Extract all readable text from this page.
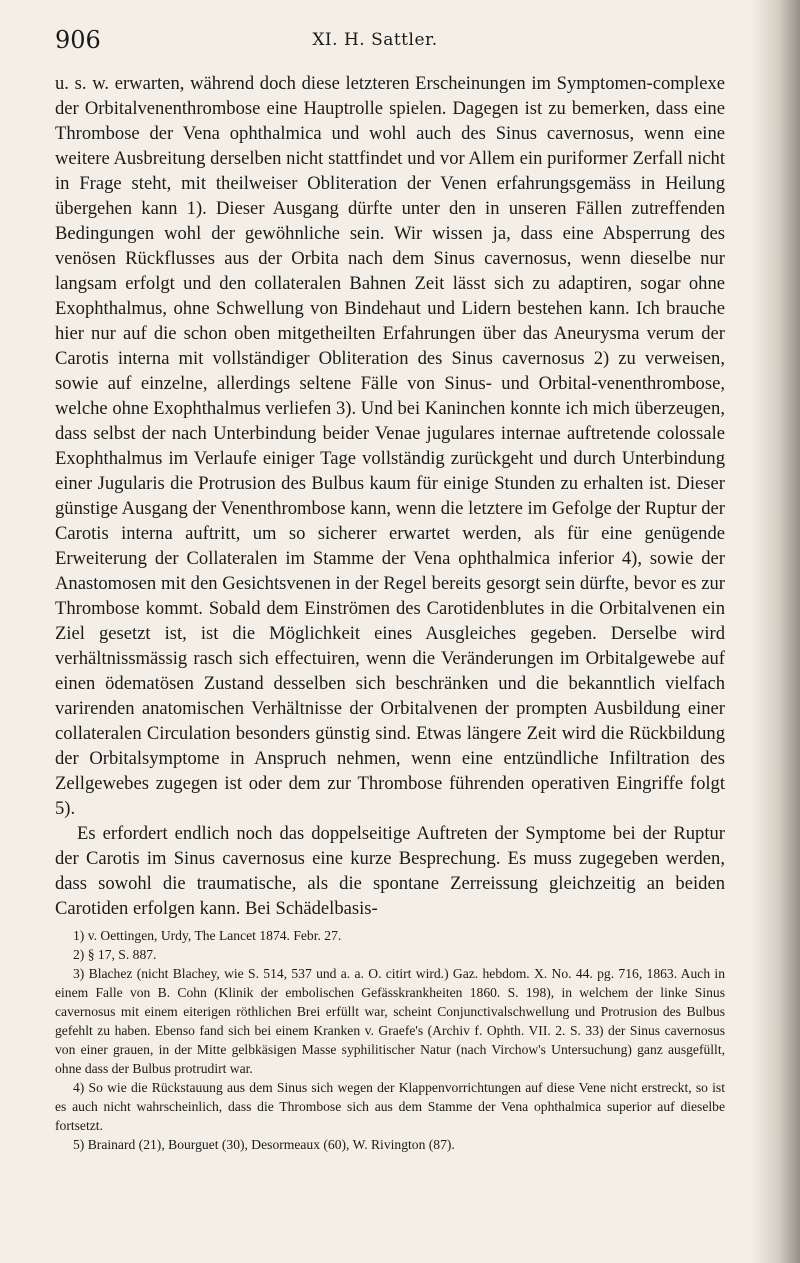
906	XI. H. Sattler.

u. s. w. erwarten, während doch diese letzteren Erscheinungen im Symptomen-complexe der Orbitalvenenthrombose eine Hauptrolle spielen. Dagegen ist zu bemerken, dass eine Thrombose der Vena ophthalmica und wohl auch des Sinus cavernosus, wenn eine weitere Ausbreitung derselben nicht stattfindet und vor Allem ein puriformer Zerfall nicht in Frage steht, mit theilweiser Obliteration der Venen erfahrungsgemäss in Heilung übergehen kann 1). Dieser Ausgang dürfte unter den in unseren Fällen zutreffenden Bedingungen wohl der gewöhnliche sein. Wir wissen ja, dass eine Absperrung des venösen Rückflusses aus der Orbita nach dem Sinus cavernosus, wenn dieselbe nur langsam erfolgt und den collateralen Bahnen Zeit lässt sich zu adaptiren, sogar ohne Exophthalmus, ohne Schwellung von Bindehaut und Lidern bestehen kann. Ich brauche hier nur auf die schon oben mitgetheilten Erfahrungen über das Aneurysma verum der Carotis interna mit vollständiger Obliteration des Sinus cavernosus 2) zu verweisen, sowie auf einzelne, allerdings seltene Fälle von Sinus- und Orbital-venenthrombose, welche ohne Exophthalmus verliefen 3). Und bei Kaninchen konnte ich mich überzeugen, dass selbst der nach Unterbindung beider Venae jugulares internae auftretende colossale Exophthalmus im Verlaufe einiger Tage vollständig zurückgeht und durch Unterbindung einer Jugularis die Protrusion des Bulbus kaum für einige Stunden zu erhalten ist. Dieser günstige Ausgang der Venenthrombose kann, wenn die letztere im Gefolge der Ruptur der Carotis interna auftritt, um so sicherer erwartet werden, als für eine genügende Erweiterung der Collateralen im Stamme der Vena ophthalmica inferior 4), sowie der Anastomosen mit den Gesichtsvenen in der Regel bereits gesorgt sein dürfte, bevor es zur Thrombose kommt. Sobald dem Einströmen des Carotidenblutes in die Orbitalvenen ein Ziel gesetzt ist, ist die Möglichkeit eines Ausgleiches gegeben. Derselbe wird verhältnissmässig rasch sich effectuiren, wenn die Veränderungen im Orbitalgewebe auf einen ödematösen Zustand desselben sich beschränken und die bekanntlich vielfach varirenden anatomischen Verhältnisse der Orbitalvenen der prompten Ausbildung einer collateralen Circulation besonders günstig sind. Etwas längere Zeit wird die Rückbildung der Orbitalsymptome in Anspruch nehmen, wenn eine entzündliche Infiltration des Zellgewebes zugegen ist oder dem zur Thrombose führenden operativen Eingriffe folgt 5).

Es erfordert endlich noch das doppelseitige Auftreten der Symptome bei der Ruptur der Carotis im Sinus cavernosus eine kurze Besprechung. Es muss zugegeben werden, dass sowohl die traumatische, als die spontane Zerreissung gleichzeitig an beiden Carotiden erfolgen kann. Bei Schädelbasis-

1) v. Oettingen, Urdy, The Lancet 1874. Febr. 27.

2) § 17, S. 887.

3) Blachez (nicht Blachey, wie S. 514, 537 und a. a. O. citirt wird.) Gaz. hebdom. X. No. 44. pg. 716, 1863. Auch in einem Falle von B. Cohn (Klinik der embolischen Gefässkrankheiten 1860. S. 198), in welchem der linke Sinus cavernosus mit einem eiterigen röthlichen Brei erfüllt war, scheint Conjunctivalschwellung und Protrusion des Bulbus gefehlt zu haben. Ebenso fand sich bei einem Kranken v. Graefe's (Archiv f. Ophth. VII. 2. S. 33) der Sinus cavernosus von einer grauen, in der Mitte gelbkäsigen Masse syphilitischer Natur (nach Virchow's Untersuchung) ganz ausgefüllt, ohne dass der Bulbus protrudirt war.

4) So wie die Rückstauung aus dem Sinus sich wegen der Klappenvorrichtungen auf diese Vene nicht erstreckt, so ist es auch nicht wahrscheinlich, dass die Thrombose sich aus dem Stamme der Vena ophthalmica superior auf dieselbe fortsetzt.

5) Brainard (21), Bourguet (30), Desormeaux (60), W. Rivington (87).
